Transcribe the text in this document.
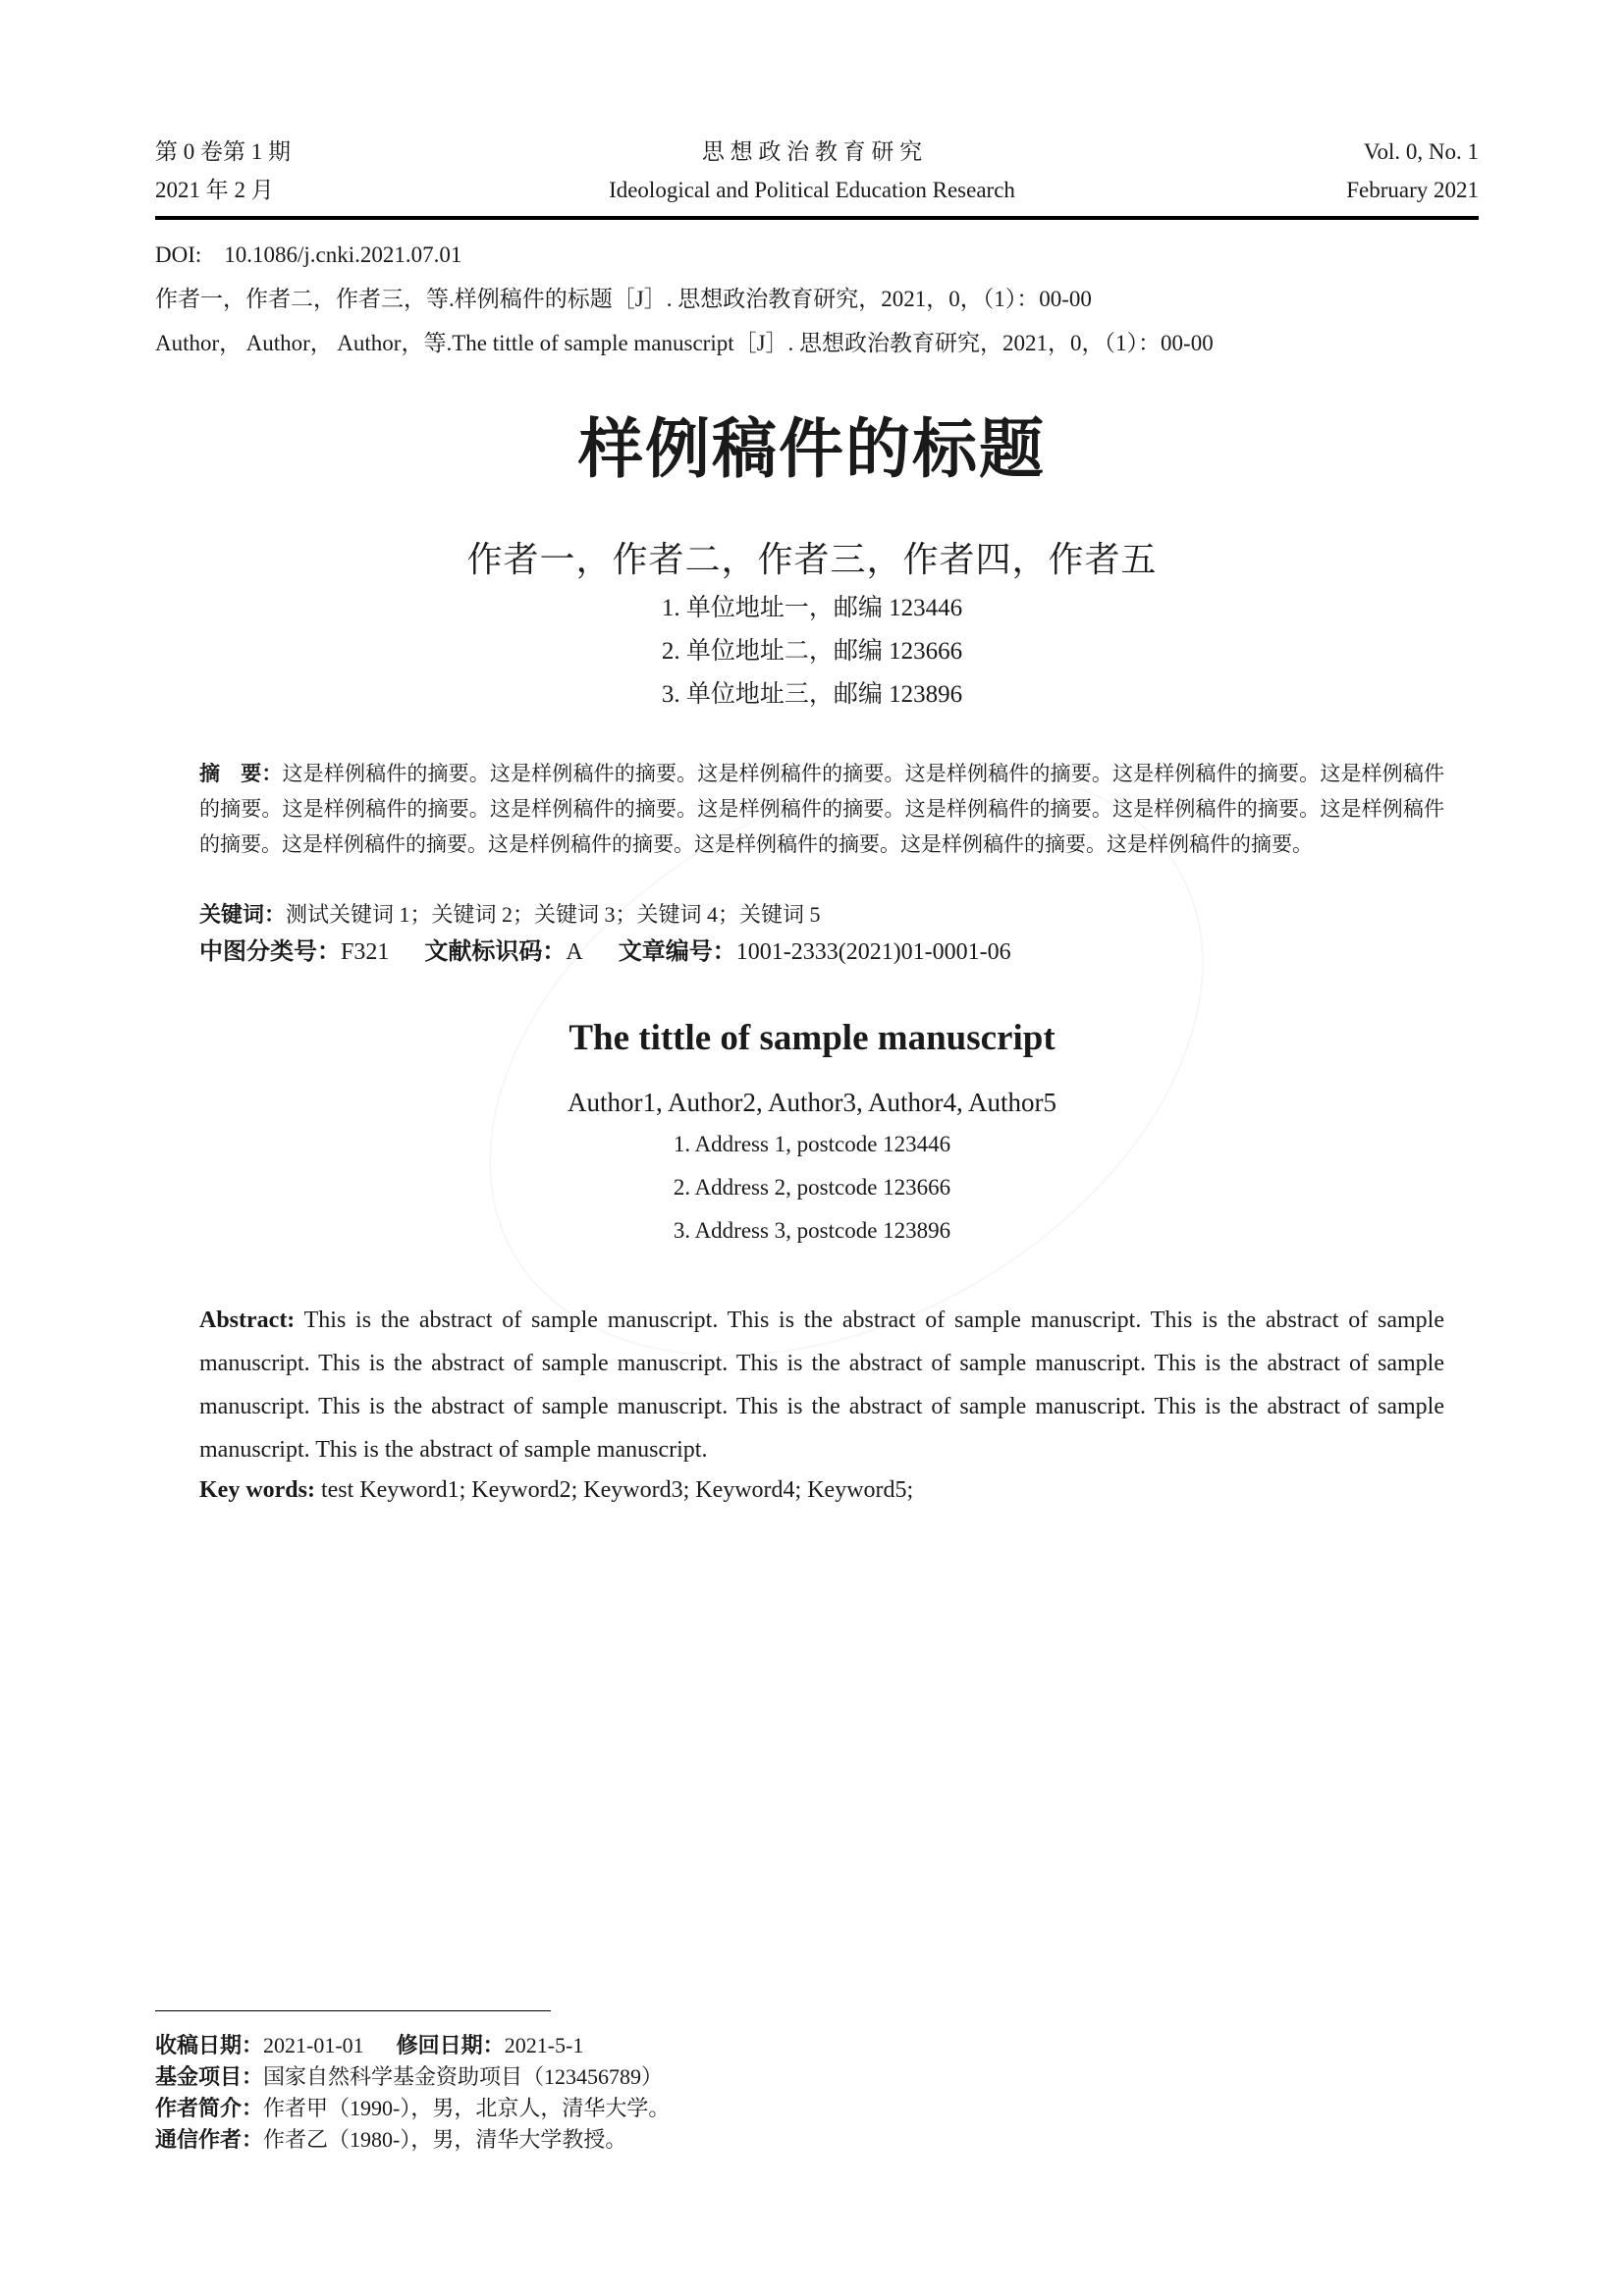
第 0 卷第 1 期
2021 年 2 月
思 想 政 治 教 育 研 究
Ideological and Political Education Research
Vol. 0, No. 1
February 2021
DOI: 10.1086/j.cnki.2021.07.01
作者一，作者二，作者三，等.样例稿件的标题［J］. 思想政治教育研究，2021，0，（1）：00-00
Author， Author， Author，等.The tittle of sample manuscript［J］. 思想政治教育研究，2021，0，（1）：00-00
样例稿件的标题
作者一，作者二，作者三，作者四，作者五
1. 单位地址一，邮编 123446
2. 单位地址二，邮编 123666
3. 单位地址三，邮编 123896
摘　要：这是样例稿件的摘要。这是样例稿件的摘要。这是样例稿件的摘要。这是样例稿件的摘要。这是样例稿件的摘要。这是样例稿件的摘要。这是样例稿件的摘要。这是样例稿件的摘要。这是样例稿件的摘要。这是样例稿件的摘要。这是样例稿件的摘要。这是样例稿件的摘要。这是样例稿件的摘要。这是样例稿件的摘要。这是样例稿件的摘要。这是样例稿件的摘要。这是样例稿件的摘要。
关键词：测试关键词 1；关键词 2；关键词 3；关键词 4；关键词 5
中图分类号：F321 文献标识码：A 文章编号：1001-2333(2021)01-0001-06
The tittle of sample manuscript
Author1, Author2, Author3, Author4, Author5
1. Address 1, postcode 123446
2. Address 2, postcode 123666
3. Address 3, postcode 123896
Abstract: This is the abstract of sample manuscript. This is the abstract of sample manuscript. This is the abstract of sample manuscript. This is the abstract of sample manuscript. This is the abstract of sample manuscript. This is the abstract of sample manuscript. This is the abstract of sample manuscript. This is the abstract of sample manuscript. This is the abstract of sample manuscript. This is the abstract of sample manuscript.
Key words: test Keyword1; Keyword2; Keyword3; Keyword4; Keyword5;
收稿日期：2021-01-01 修回日期：2021-5-1
基金项目：国家自然科学基金资助项目（123456789）
作者简介：作者甲（1990-），男，北京人，清华大学。
通信作者：作者乙（1980-），男，清华大学教授。
